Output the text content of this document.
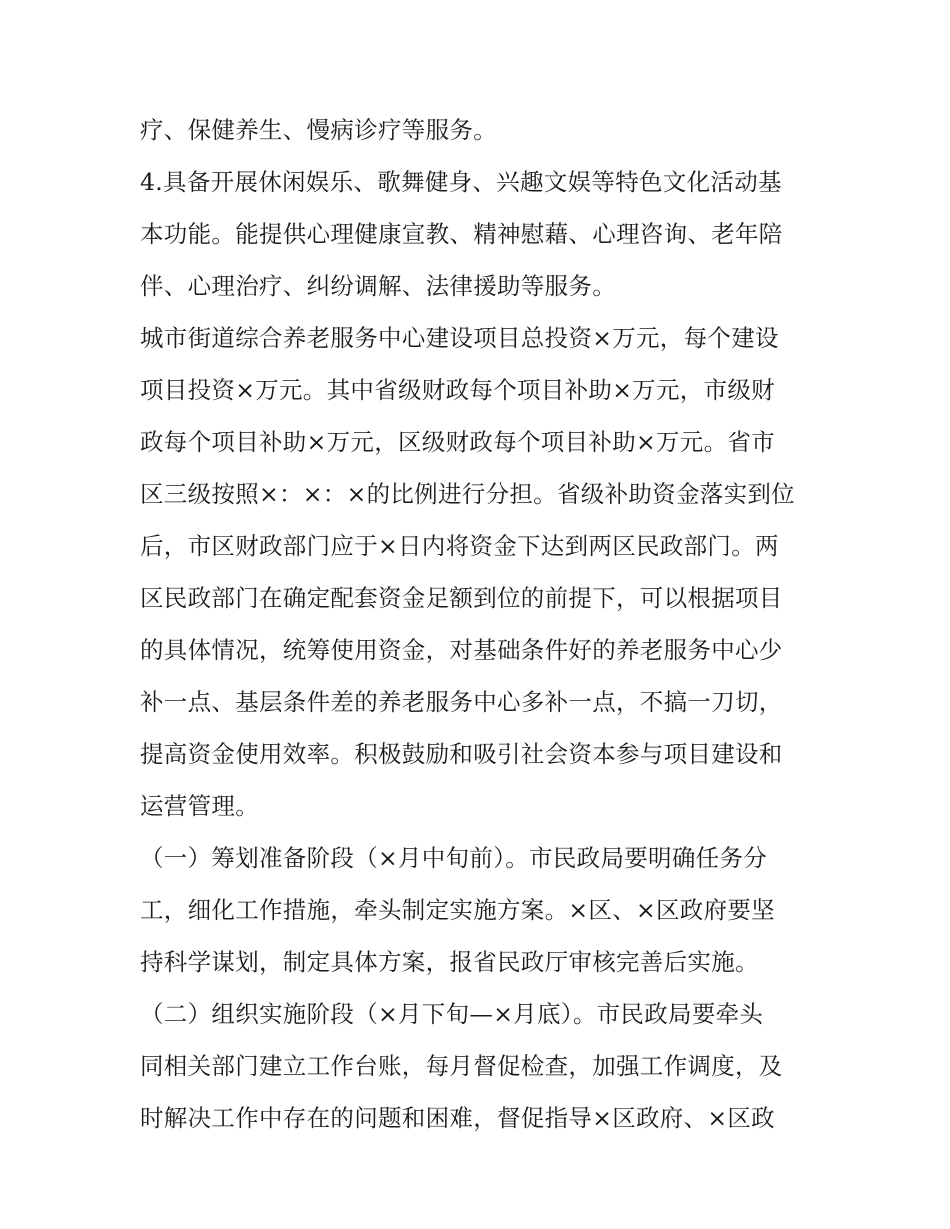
疗、保健养生、慢病诊疗等服务。
4.具备开展休闲娱乐、歌舞健身、兴趣文娱等特色文化活动基
本功能。能提供心理健康宣教、精神慰藉、心理咨询、老年陪
伴、心理治疗、纠纷调解、法律援助等服务。
城市街道综合养老服务中心建设项目总投资×万元，每个建设
项目投资×万元。其中省级财政每个项目补助×万元，市级财
政每个项目补助×万元，区级财政每个项目补助×万元。省市
区三级按照×：×：×的比例进行分担。省级补助资金落实到位
后，市区财政部门应于×日内将资金下达到两区民政部门。两
区民政部门在确定配套资金足额到位的前提下，可以根据项目
的具体情况，统筹使用资金，对基础条件好的养老服务中心少
补一点、基层条件差的养老服务中心多补一点，不搞一刀切，
提高资金使用效率。积极鼓励和吸引社会资本参与项目建设和
运营管理。
（一）筹划准备阶段（×月中旬前）。市民政局要明确任务分
工，细化工作措施，牵头制定实施方案。×区、×区政府要坚
持科学谋划，制定具体方案，报省民政厅审核完善后实施。
（二）组织实施阶段（×月下旬—×月底）。市民政局要牵头
同相关部门建立工作台账，每月督促检查，加强工作调度，及
时解决工作中存在的问题和困难，督促指导×区政府、×区政
